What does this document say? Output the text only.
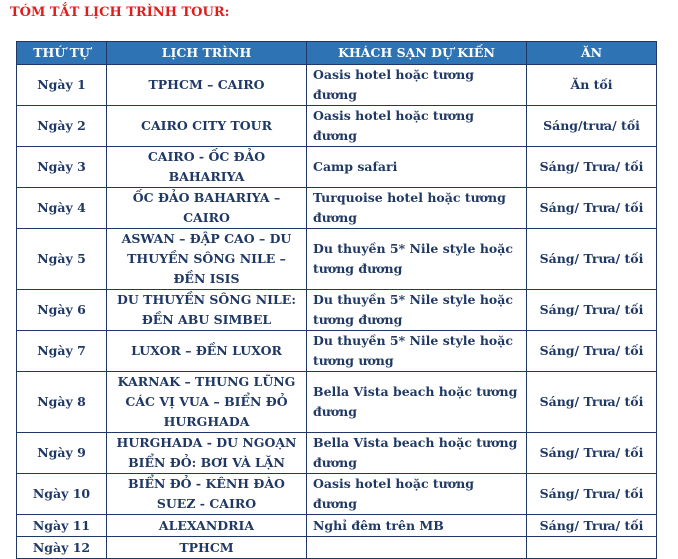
TÓM TẮT LỊCH TRÌNH TOUR:
THỨ TỰ	LỊCH TRÌNH	KHÁCH SẠN DỰ KIẾN	ĂN
Ngày 1	TPHCM – CAIRO	Oasis hotel hoặc tương đương	Ăn tối
Ngày 2	CAIRO CITY TOUR	Oasis hotel hoặc tương đương	Sáng/trưa/ tối
Ngày 3	CAIRO - ỐC ĐẢO BAHARIYA	Camp safari	Sáng/ Trưa/ tối
Ngày 4	ỐC ĐẢO BAHARIYA – CAIRO	Turquoise hotel hoặc tương đương	Sáng/ Trưa/ tối
Ngày 5	ASWAN – ĐẬP CAO – DU THUYỀN SÔNG NILE – ĐỀN ISIS	Du thuyền 5* Nile style hoặc tương đương	Sáng/ Trưa/ tối
Ngày 6	DU THUYỀN SÔNG NILE: ĐỀN ABU SIMBEL	Du thuyền 5* Nile style hoặc tương đương	Sáng/ Trưa/ tối
Ngày 7	LUXOR – ĐỀN LUXOR	Du thuyền 5* Nile style hoặc tương ương	Sáng/ Trưa/ tối
Ngày 8	KARNAK – THUNG LŨNG CÁC VỊ VUA – BIỂN ĐỎ HURGHADA	Bella Vista beach hoặc tương đương	Sáng/ Trưa/ tối
Ngày 9	HURGHADA - DU NGOẠN BIỂN ĐỎ: BƠI VÀ LẶN	Bella Vista beach hoặc tương đương	Sáng/ Trưa/ tối
Ngày 10	BIỂN ĐỎ - KÊNH ĐÀO SUEZ - CAIRO	Oasis hotel hoặc tương đương	Sáng/ Trưa/ tối
Ngày 11	ALEXANDRIA	Nghỉ đêm trên MB	Sáng/ Trưa/ tối
Ngày 12	TPHCM		
